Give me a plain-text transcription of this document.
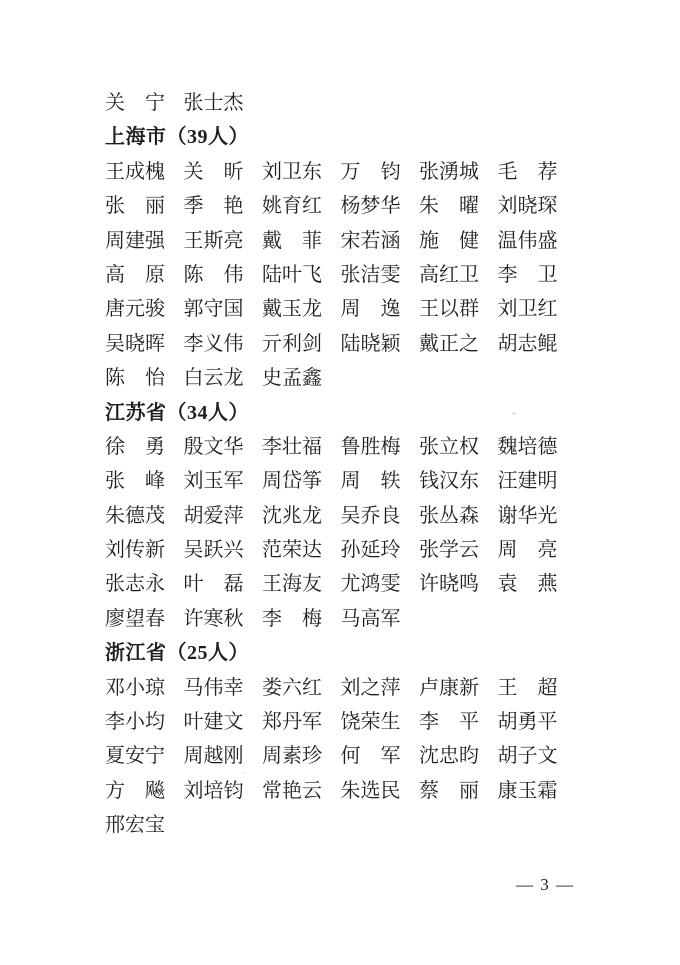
关　宁 张士杰
上海市（39人）
王成槐 关　昕 刘卫东 万　钧 张湧城 毛　荐
张　丽 季　艳 姚育红 杨梦华 朱　曜 刘晓琛
周建强 王斯亮 戴　菲 宋若涵 施　健 温伟盛
高　原 陈　伟 陆叶飞 张洁雯 高红卫 李　卫
唐元骏 郭守国 戴玉龙 周　逸 王以群 刘卫红
吴晓晖 李义伟 亓利剑 陆晓颖 戴正之 胡志鲲
陈　怡 白云龙 史孟鑫
江苏省（34人）
徐　勇 殷文华 李壮福 鲁胜梅 张立权 魏培德
张　峰 刘玉军 周岱筝 周　轶 钱汉东 汪建明
朱德茂 胡爱萍 沈兆龙 吴乔良 张丛森 谢华光
刘传新 吴跃兴 范荣达 孙延玲 张学云 周　亮
张志永 叶　磊 王海友 尤鸿雯 许晓鸣 袁　燕
廖望春 许寒秋 李　梅 马高军
浙江省（25人）
邓小琼 马伟幸 娄六红 刘之萍 卢康新 王　超
李小均 叶建文 郑丹军 饶荣生 李　平 胡勇平
夏安宁 周越刚 周素珍 何　军 沈忠昀 胡子文
方　飚 刘培钧 常艳云 朱选民 蔡　丽 康玉霜
邢宏宝
— 3 —
